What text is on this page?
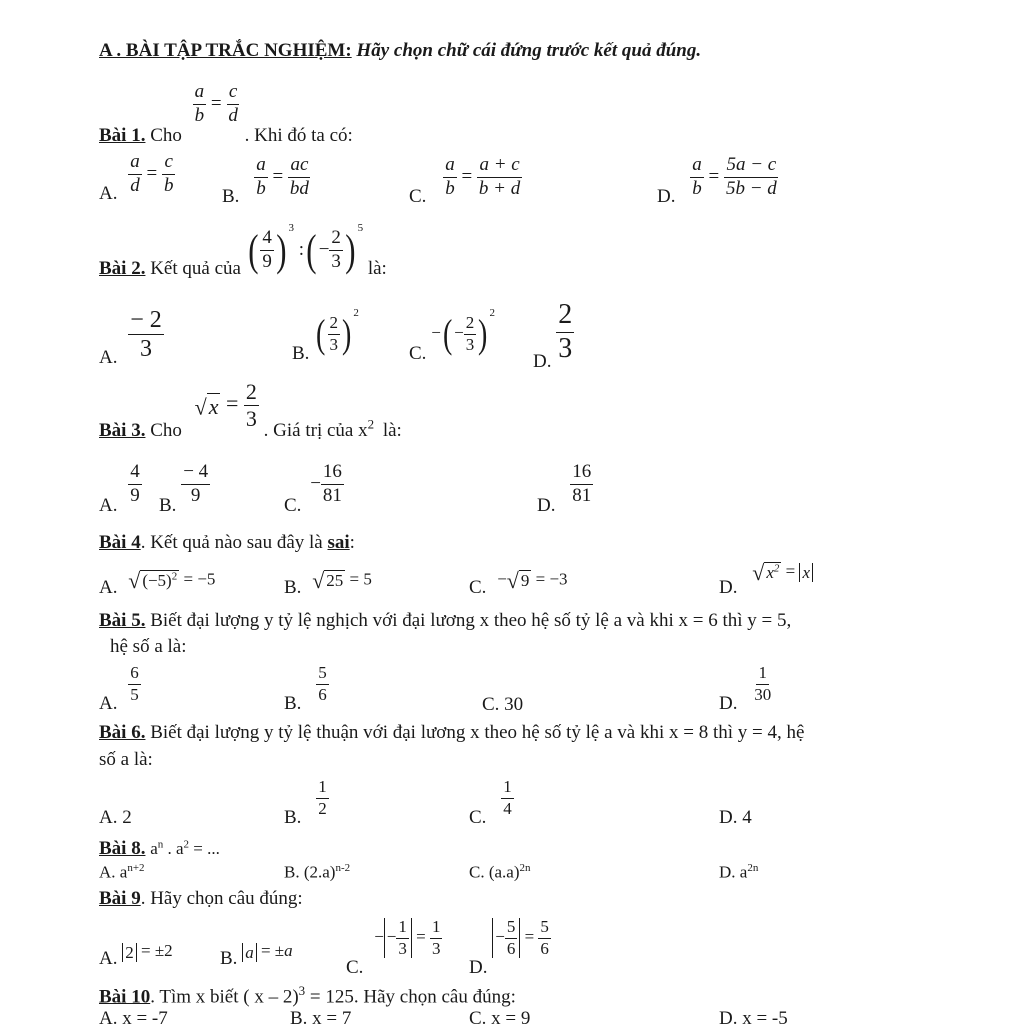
A . BÀI TẬP TRẮC NGHIỆM: Hãy chọn chữ cái đứng trước kết quả đúng.
Bài 1. Cho
$\frac{a}{b} = \frac{c}{d}$
. Khi đó ta có:
A. $\frac{a}{d} = \frac{c}{b} B$. $\frac{a}{b} = \frac{ac}{bd}$	C. $\frac{a}{b} = \frac{a + c}{b + d}$	D. $\frac{a}{b} = \frac{5a - c}{5b - d}$
Bài 2. Kết quả của ( $\frac{4}{9}$ ) $^3$ :( − $\frac{2}{3}$ ) $^5$ là:
A. $\frac{- 2}{3}$	B. ( $\frac{2}{3}$ ) $^2$
C. −( − $\frac{2}{3}$ ) $^2$
D. $\frac{2}{3}$
Bài 3. Cho $√x = \frac{2}{3}$ . Giá trị của $x^2$ là:
A. $\frac{4}{9} B$. $\frac{- 4}{9}$	C. − $\frac{16}{81}$	D. $\frac{16}{81}$
Bài 4. Kết quả nào sau đây là sai:
A. √ $(-5)^2 = -5$	B. √ 25 = 5	C. −√ 9 = −3	D. √ $x^2 = x$
Bài 5. Biết đại lượng y tỷ lệ nghịch với đại lương x theo hệ số tỷ lệ a và khi x = 6 thì y = 5,
hệ số a là:
A. $\frac{6}{5}$	B. $\frac{5}{6}$
C. 30	D. $\frac{1}{30}$
Bài 6. Biết đại lượng y tỷ lệ thuận với đại lương x theo hệ số tỷ lệ a và khi x = 8 thì y = 4, hệ
số a là:
A. 2	B. $\frac{1}{2}$	C. $\frac{1}{4}$	D. 4
Bài 8. $a^n$ . $a^2$ = ...
A. $a^{n+2}$	B. $(2.a)^{n-2}$	C. $(a.a)^{2n}$	D. $a^{2n}$
Bài 9. Hãy chọn câu đúng:
A. 2 = ±2 B. a = ±a
C. − − $\frac{1}{3} = \frac{1}{3}$
D. − $\frac{5}{6} = \frac{5}{6}$
Bài 10. Tìm x biết ( x – 2)$^3$ = 125. Hãy chọn câu đúng:
A. x = -7	B. x = 7	C. x = 9	D. x = -5
